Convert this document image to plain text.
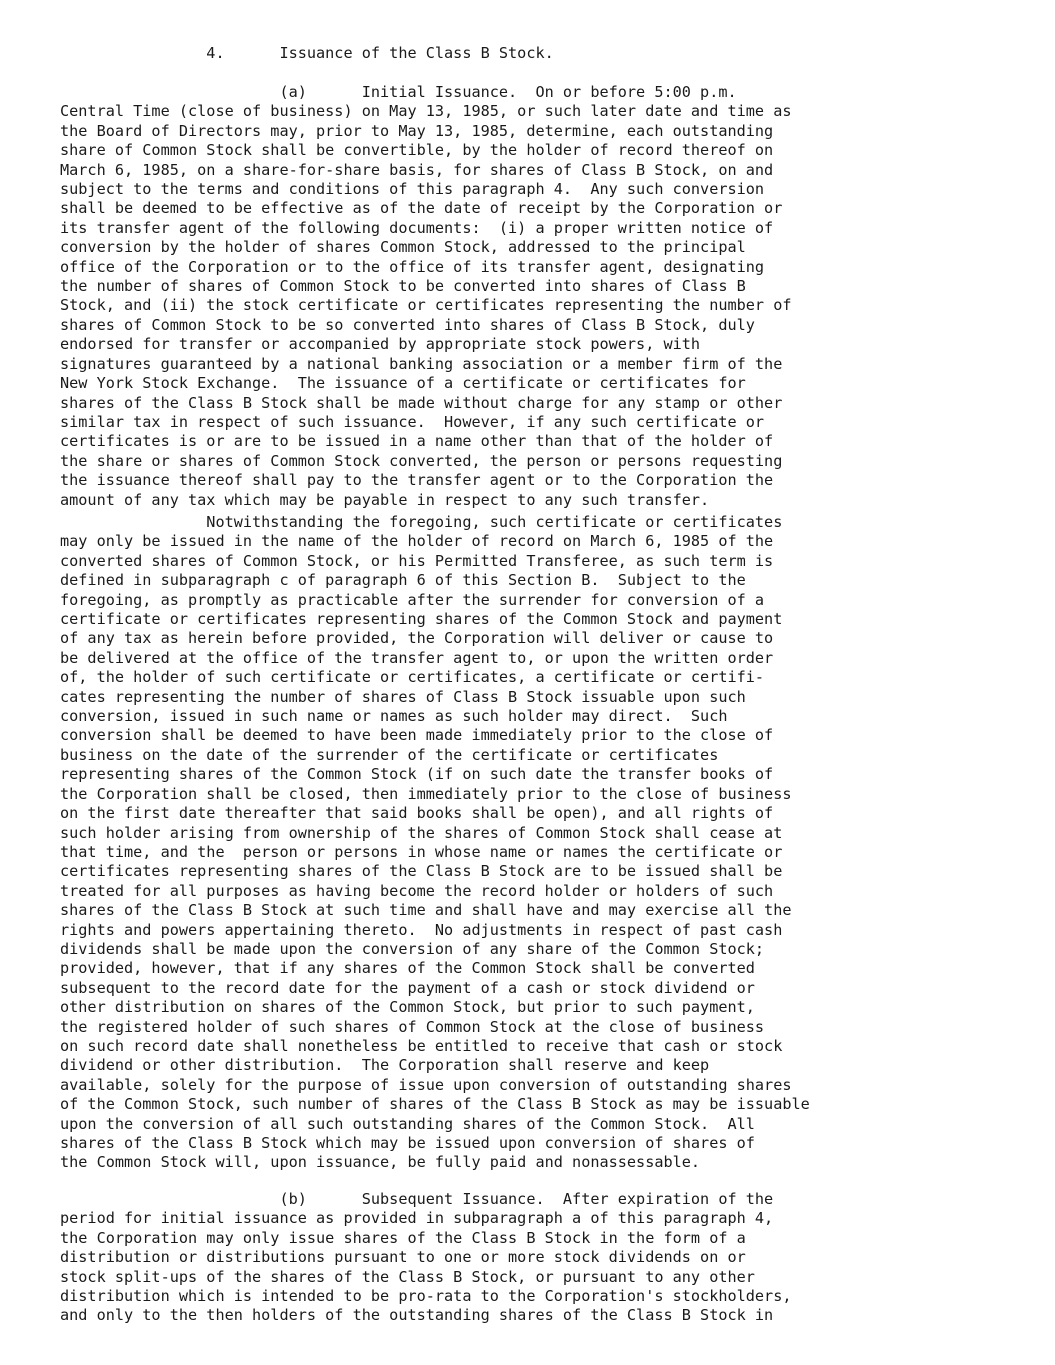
4.      Issuance of the Class B Stock.
(a)      Initial Issuance.  On or before 5:00 p.m.
Central Time (close of business) on May 13, 1985, or such later date and time as
the Board of Directors may, prior to May 13, 1985, determine, each outstanding
share of Common Stock shall be convertible, by the holder of record thereof on
March 6, 1985, on a share-for-share basis, for shares of Class B Stock, on and
subject to the terms and conditions of this paragraph 4.  Any such conversion
shall be deemed to be effective as of the date of receipt by the Corporation or
its transfer agent of the following documents:  (i) a proper written notice of
conversion by the holder of shares Common Stock, addressed to the principal
office of the Corporation or to the office of its transfer agent, designating
the number of shares of Common Stock to be converted into shares of Class B
Stock, and (ii) the stock certificate or certificates representing the number of
shares of Common Stock to be so converted into shares of Class B Stock, duly
endorsed for transfer or accompanied by appropriate stock powers, with
signatures guaranteed by a national banking association or a member firm of the
New York Stock Exchange.  The issuance of a certificate or certificates for
shares of the Class B Stock shall be made without charge for any stamp or other
similar tax in respect of such issuance.  However, if any such certificate or
certificates is or are to be issued in a name other than that of the holder of
the share or shares of Common Stock converted, the person or persons requesting
the issuance thereof shall pay to the transfer agent or to the Corporation the
amount of any tax which may be payable in respect to any such transfer.
Notwithstanding the foregoing, such certificate or certificates
may only be issued in the name of the holder of record on March 6, 1985 of the
converted shares of Common Stock, or his Permitted Transferee, as such term is
defined in subparagraph c of paragraph 6 of this Section B.  Subject to the
foregoing, as promptly as practicable after the surrender for conversion of a
certificate or certificates representing shares of the Common Stock and payment
of any tax as herein before provided, the Corporation will deliver or cause to
be delivered at the office of the transfer agent to, or upon the written order
of, the holder of such certificate or certificates, a certificate or certifi-
cates representing the number of shares of Class B Stock issuable upon such
conversion, issued in such name or names as such holder may direct.  Such
conversion shall be deemed to have been made immediately prior to the close of
business on the date of the surrender of the certificate or certificates
representing shares of the Common Stock (if on such date the transfer books of
the Corporation shall be closed, then immediately prior to the close of business
on the first date thereafter that said books shall be open), and all rights of
such holder arising from ownership of the shares of Common Stock shall cease at
that time, and the  person or persons in whose name or names the certificate or
certificates representing shares of the Class B Stock are to be issued shall be
treated for all purposes as having become the record holder or holders of such
shares of the Class B Stock at such time and shall have and may exercise all the
rights and powers appertaining thereto.  No adjustments in respect of past cash
dividends shall be made upon the conversion of any share of the Common Stock;
provided, however, that if any shares of the Common Stock shall be converted
subsequent to the record date for the payment of a cash or stock dividend or
other distribution on shares of the Common Stock, but prior to such payment,
the registered holder of such shares of Common Stock at the close of business
on such record date shall nonetheless be entitled to receive that cash or stock
dividend or other distribution.  The Corporation shall reserve and keep
available, solely for the purpose of issue upon conversion of outstanding shares
of the Common Stock, such number of shares of the Class B Stock as may be issuable
upon the conversion of all such outstanding shares of the Common Stock.  All
shares of the Class B Stock which may be issued upon conversion of shares of
the Common Stock will, upon issuance, be fully paid and nonassessable.
(b)      Subsequent Issuance.  After expiration of the
period for initial issuance as provided in subparagraph a of this paragraph 4,
the Corporation may only issue shares of the Class B Stock in the form of a
distribution or distributions pursuant to one or more stock dividends on or
stock split-ups of the shares of the Class B Stock, or pursuant to any other
distribution which is intended to be pro-rata to the Corporation's stockholders,
and only to the then holders of the outstanding shares of the Class B Stock in
